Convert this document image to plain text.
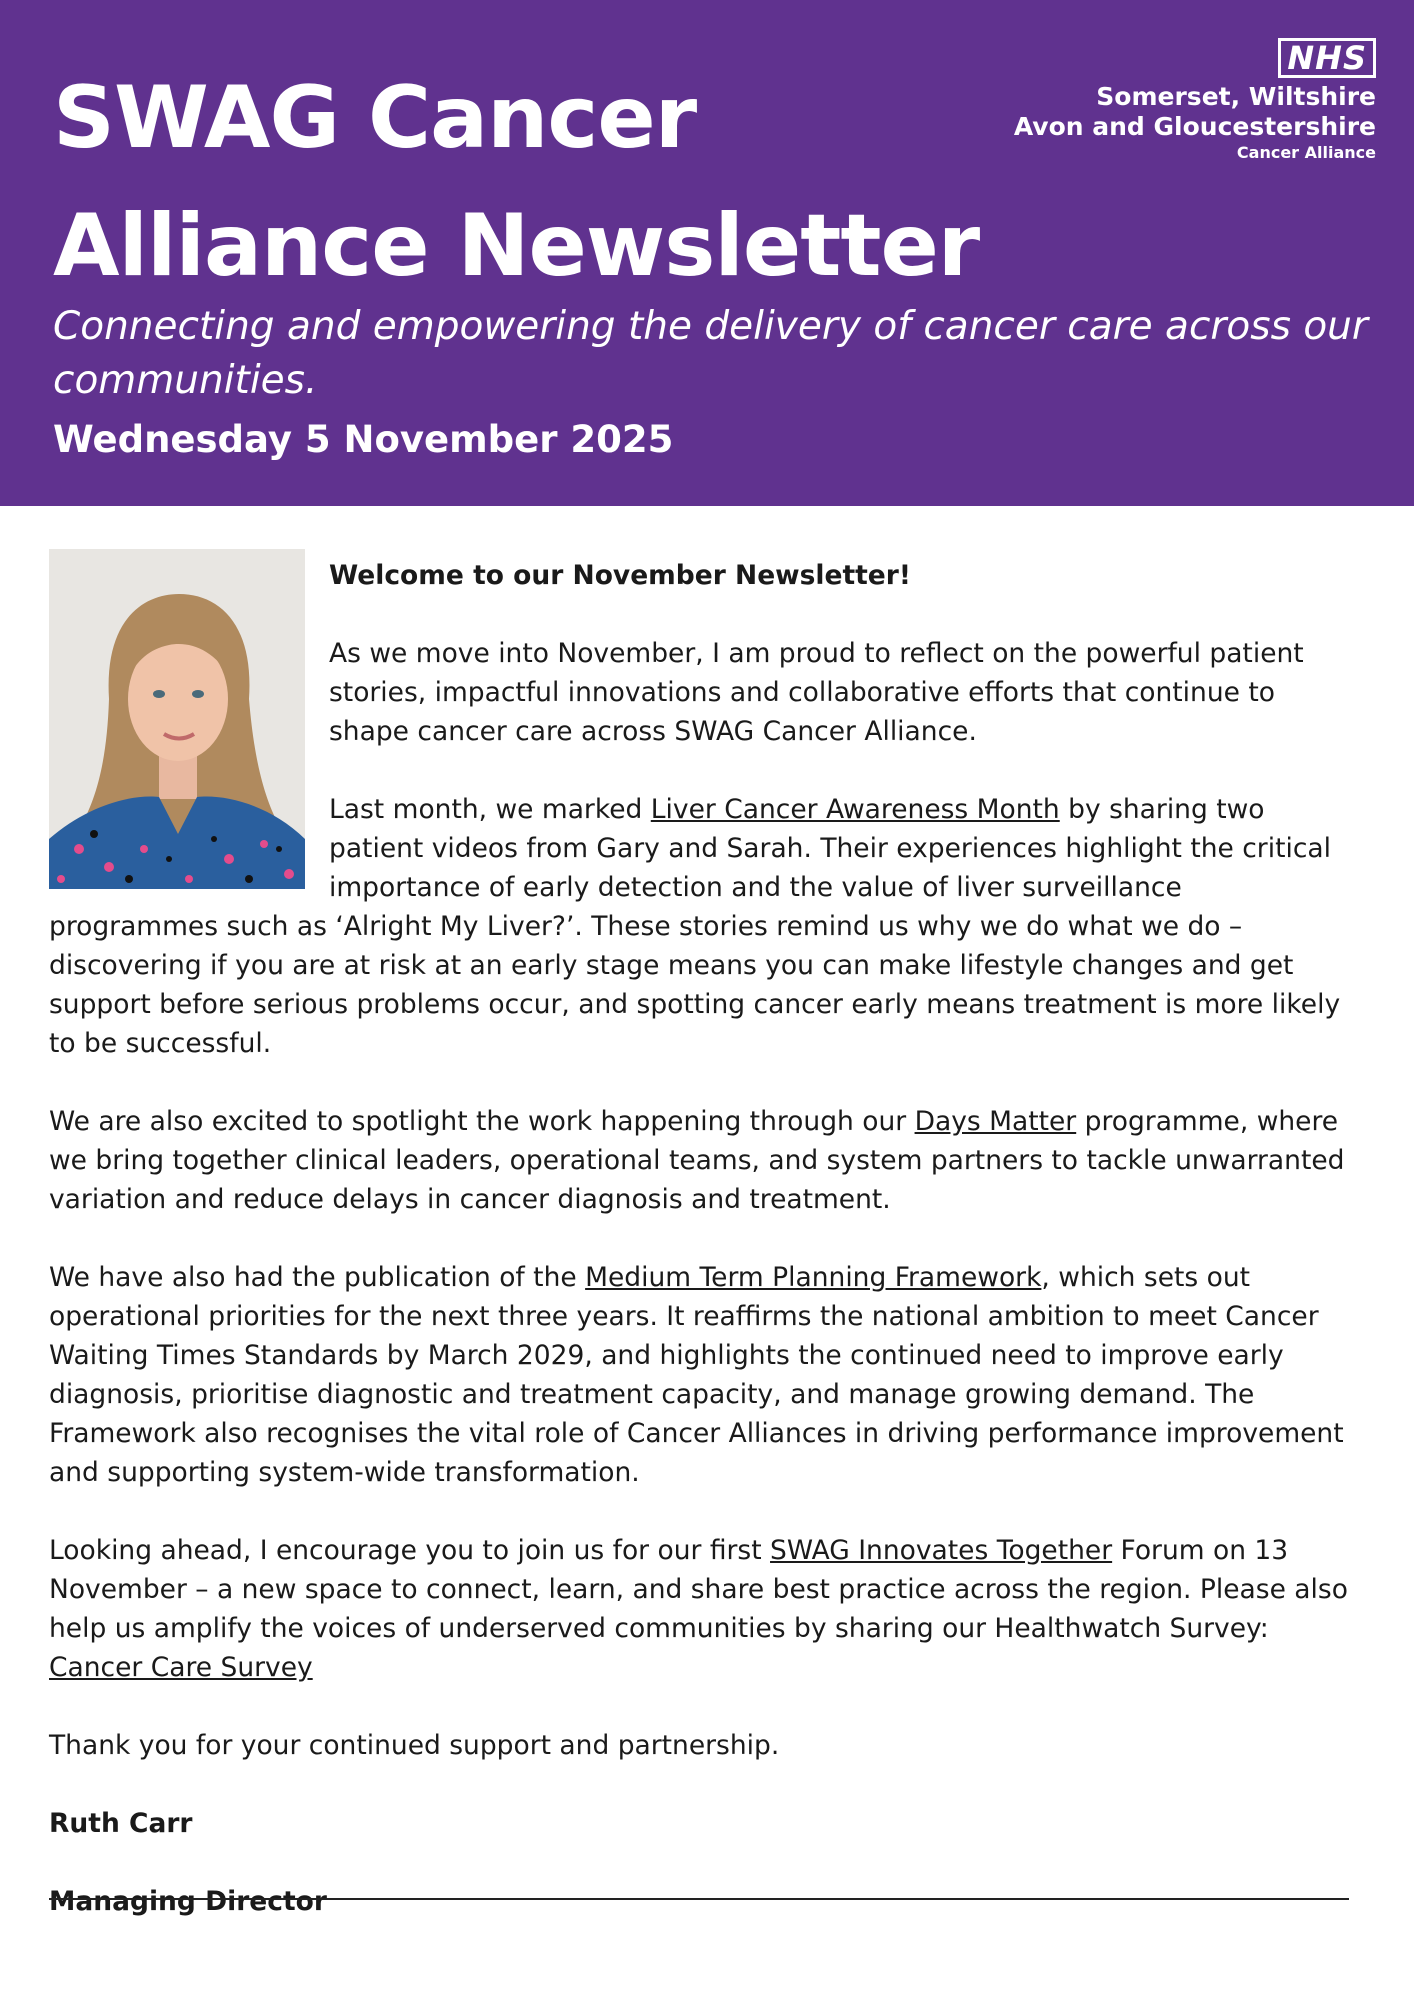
SWAG Cancer
Alliance Newsletter

Connecting and empowering the delivery of cancer care across our communities.

Wednesday 5 November 2025

NHS
Somerset, Wiltshire
Avon and Gloucestershire
Cancer Alliance

Welcome to our November Newsletter!

As we move into November, I am proud to reflect on the powerful patient stories, impactful innovations and collaborative efforts that continue to shape cancer care across SWAG Cancer Alliance.

Last month, we marked Liver Cancer Awareness Month by sharing two patient videos from Gary and Sarah. Their experiences highlight the critical importance of early detection and the value of liver surveillance programmes such as ‘Alright My Liver?’. These stories remind us why we do what we do – discovering if you are at risk at an early stage means you can make lifestyle changes and get support before serious problems occur, and spotting cancer early means treatment is more likely to be successful.

We are also excited to spotlight the work happening through our Days Matter programme, where we bring together clinical leaders, operational teams, and system partners to tackle unwarranted variation and reduce delays in cancer diagnosis and treatment.

We have also had the publication of the Medium Term Planning Framework, which sets out operational priorities for the next three years. It reaffirms the national ambition to meet Cancer Waiting Times Standards by March 2029, and highlights the continued need to improve early diagnosis, prioritise diagnostic and treatment capacity, and manage growing demand. The Framework also recognises the vital role of Cancer Alliances in driving performance improvement and supporting system-wide transformation.

Looking ahead, I encourage you to join us for our first SWAG Innovates Together Forum on 13 November – a new space to connect, learn, and share best practice across the region. Please also help us amplify the voices of underserved communities by sharing our Healthwatch Survey: Cancer Care Survey

Thank you for your continued support and partnership.

Ruth Carr

Managing Director
